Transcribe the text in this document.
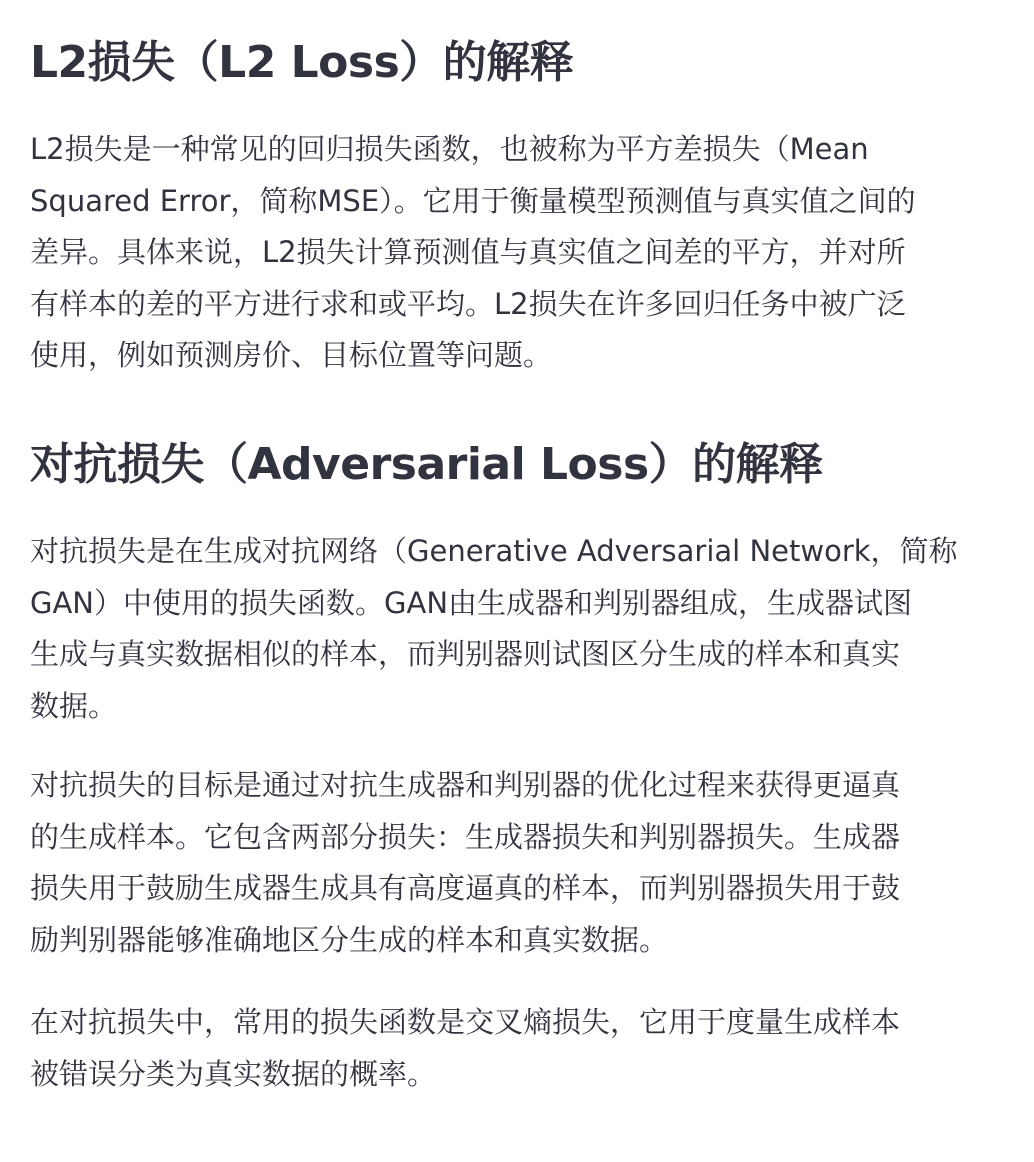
L2损失（L2 Loss）的解释

L2损失是一种常见的回归损失函数，也被称为平方差损失（Mean
Squared Error，简称MSE）。它用于衡量模型预测值与真实值之间的
差异。具体来说，L2损失计算预测值与真实值之间差的平方，并对所
有样本的差的平方进行求和或平均。L2损失在许多回归任务中被广泛
使用，例如预测房价、目标位置等问题。

对抗损失（Adversarial Loss）的解释

对抗损失是在生成对抗网络（Generative Adversarial Network，简称
GAN）中使用的损失函数。GAN由生成器和判别器组成，生成器试图
生成与真实数据相似的样本，而判别器则试图区分生成的样本和真实
数据。

对抗损失的目标是通过对抗生成器和判别器的优化过程来获得更逼真
的生成样本。它包含两部分损失：生成器损失和判别器损失。生成器
损失用于鼓励生成器生成具有高度逼真的样本，而判别器损失用于鼓
励判别器能够准确地区分生成的样本和真实数据。

在对抗损失中，常用的损失函数是交叉熵损失，它用于度量生成样本
被错误分类为真实数据的概率。
